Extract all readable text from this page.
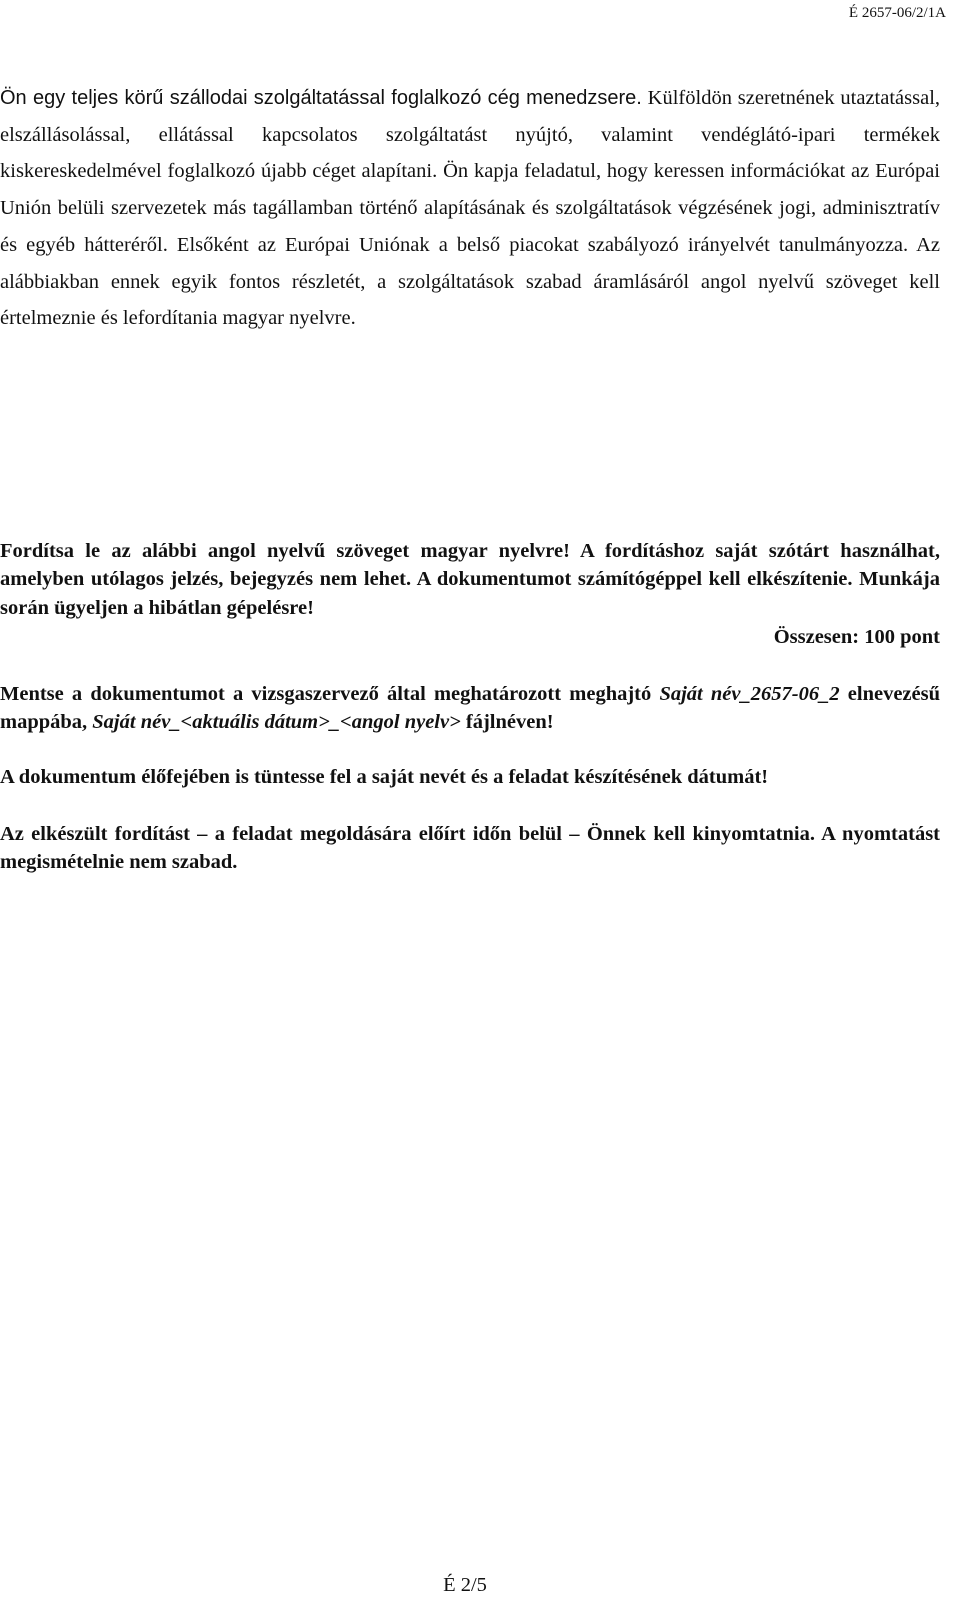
É 2657-06/2/1A

Ön egy teljes körű szállodai szolgáltatással foglalkozó cég menedzsere. Külföldön szeretnének utaztatással, elszállásolással, ellátással kapcsolatos szolgáltatást nyújtó, valamint vendéglátó-ipari termékek kiskereskedelmével foglalkozó újabb céget alapítani. Ön kapja feladatul, hogy keressen információkat az Európai Unión belüli szervezetek más tagállamban történő alapításának és szolgáltatások végzésének jogi, adminisztratív és egyéb hátteréről. Elsőként az Európai Uniónak a belső piacokat szabályozó irányelvét tanulmányozza. Az alábbiakban ennek egyik fontos részletét, a szolgáltatások szabad áramlásáról angol nyelvű szöveget kell értelmeznie és lefordítania magyar nyelvre.

Fordítsa le az alábbi angol nyelvű szöveget magyar nyelvre! A fordításhoz saját szótárt használhat, amelyben utólagos jelzés, bejegyzés nem lehet. A dokumentumot számítógéppel kell elkészítenie. Munkája során ügyeljen a hibátlan gépelésre!

Összesen: 100 pont

Mentse a dokumentumot a vizsgaszervező által meghatározott meghajtó Saját név_2657-06_2 elnevezésű mappába, Saját név_<aktuális dátum>_<angol nyelv> fájlnéven!

A dokumentum élőfejében is tüntesse fel a saját nevét és a feladat készítésének dátumát!

Az elkészült fordítást – a feladat megoldására előírt időn belül – Önnek kell kinyomtatnia. A nyomtatást megismételnie nem szabad.

É 2/5
